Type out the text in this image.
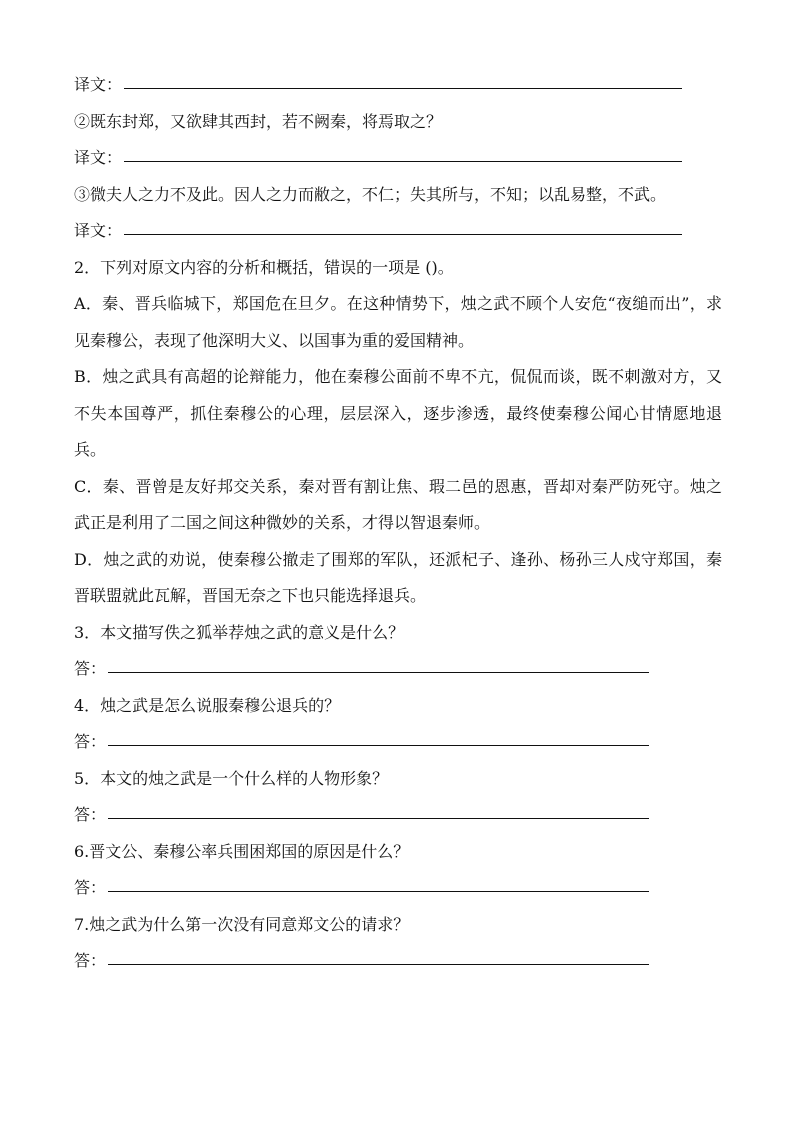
译文：
②既东封郑，又欲肆其西封，若不阙秦，将焉取之？
译文：
③微夫人之力不及此。因人之力而敝之，不仁；失其所与，不知；以乱易整，不武。
译文：
2．下列对原文内容的分析和概括，错误的一项是 ()。
A．秦、晋兵临城下，郑国危在旦夕。在这种情势下，烛之武不顾个人安危“夜缒而出”，求见秦穆公，表现了他深明大义、以国事为重的爱国精神。
B．烛之武具有高超的论辩能力，他在秦穆公面前不卑不亢，侃侃而谈，既不刺激对方，又不失本国尊严，抓住秦穆公的心理，层层深入，逐步渗透，最终使秦穆公闻心甘情愿地退兵。
C．秦、晋曾是友好邦交关系，秦对晋有割让焦、瑕二邑的恩惠，晋却对秦严防死守。烛之武正是利用了二国之间这种微妙的关系，才得以智退秦师。
D．烛之武的劝说，使秦穆公撤走了围郑的军队，还派杞子、逢孙、杨孙三人戍守郑国，秦晋联盟就此瓦解，晋国无奈之下也只能选择退兵。
3．本文描写佚之狐举荐烛之武的意义是什么？
答：
4．烛之武是怎么说服秦穆公退兵的？
答：
5．本文的烛之武是一个什么样的人物形象？
答：
6.晋文公、秦穆公率兵围困郑国的原因是什么？
答：
7.烛之武为什么第一次没有同意郑文公的请求？
答：
